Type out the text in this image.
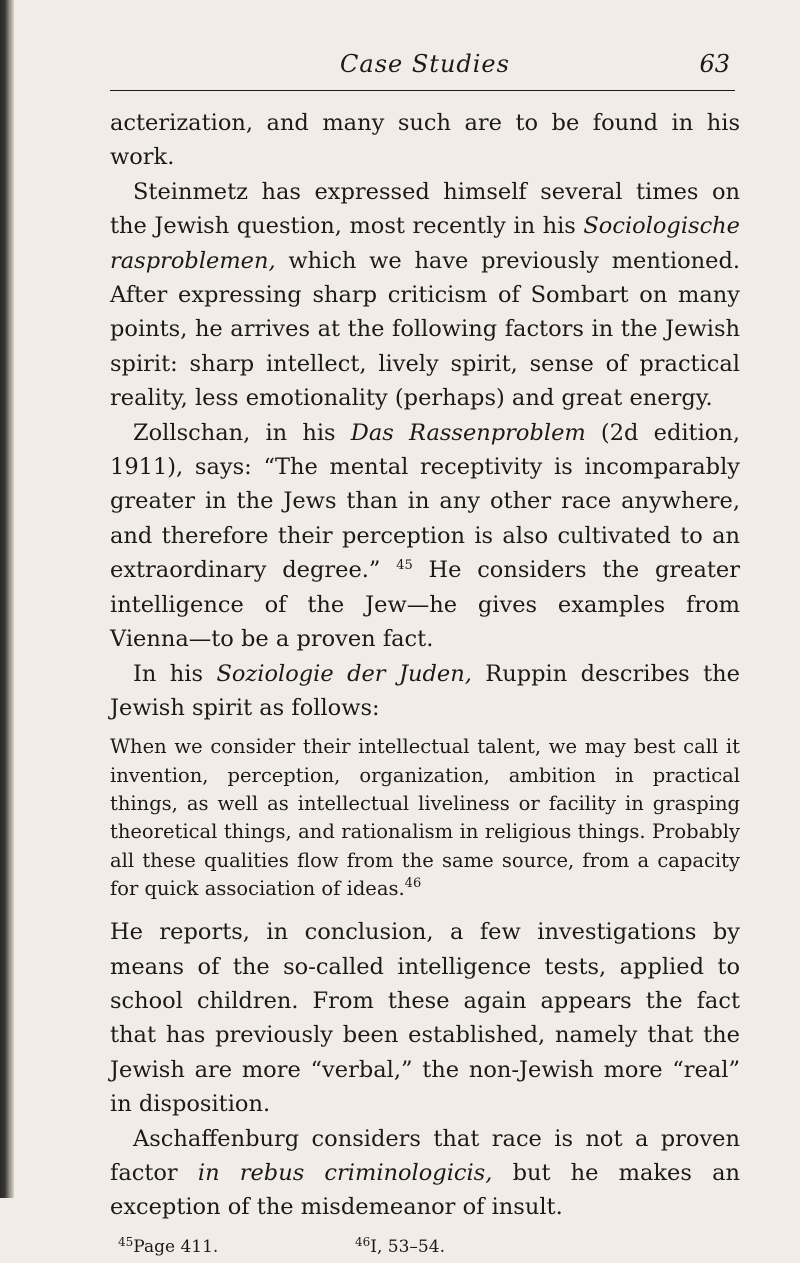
Case Studies	63

acterization, and many such are to be found in his work.

Steinmetz has expressed himself several times on the Jewish question, most recently in his Sociologische rasproblemen, which we have previously mentioned. After expressing sharp criticism of Sombart on many points, he arrives at the following factors in the Jewish spirit: sharp intellect, lively spirit, sense of practical reality, less emotionality (perhaps) and great energy.

Zollschan, in his Das Rassenproblem (2d edition, 1911), says: “The mental receptivity is incomparably greater in the Jews than in any other race anywhere, and therefore their perception is also cultivated to an extraordinary degree.” $^{45}$ He considers the greater intelligence of the Jew—he gives examples from Vienna—to be a proven fact.

In his Soziologie der Juden, Ruppin describes the Jewish spirit as follows:

When we consider their intellectual talent, we may best call it invention, perception, organization, ambition in practical things, as well as intellectual liveliness or facility in grasping theoretical things, and rationalism in religious things. Probably all these qualities flow from the same source, from a capacity for quick association of ideas.$^{46}$

He reports, in conclusion, a few investigations by means of the so-called intelligence tests, applied to school children. From these again appears the fact that has previously been established, namely that the Jewish are more “verbal,” the non-Jewish more “real” in disposition.

Aschaffenburg considers that race is not a proven factor in rebus criminologicis, but he makes an exception of the misdemeanor of insult.

$^{45}$Page 411.	$^{46}$I, 53–54.
